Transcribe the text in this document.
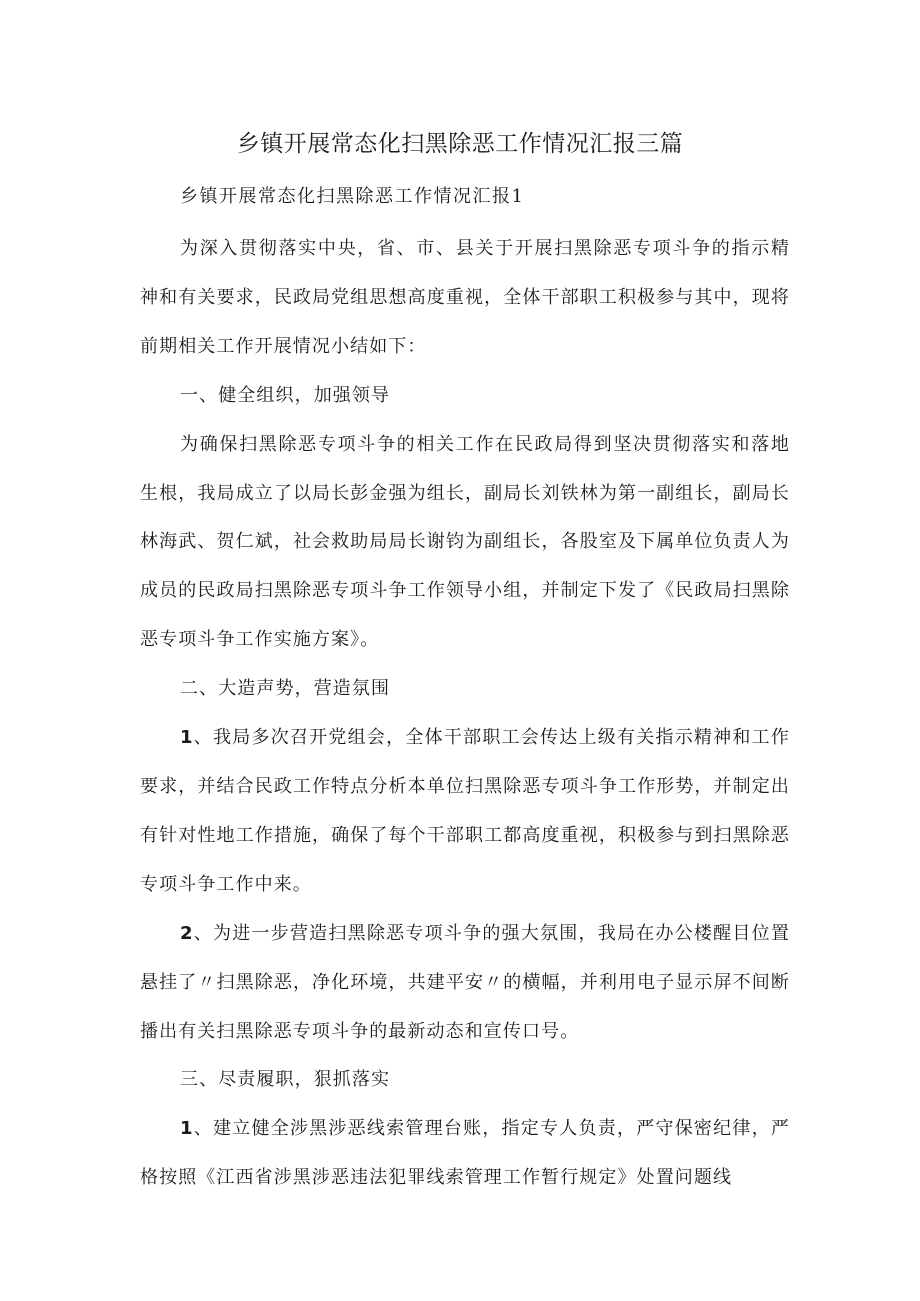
乡镇开展常态化扫黑除恶工作情况汇报三篇
乡镇开展常态化扫黑除恶工作情况汇报1

为深入贯彻落实中央，省、市、县关于开展扫黑除恶专项斗争的指示精神和有关要求，民政局党组思想高度重视，全体干部职工积极参与其中，现将前期相关工作开展情况小结如下：

一、健全组织，加强领导

为确保扫黑除恶专项斗争的相关工作在民政局得到坚决贯彻落实和落地生根，我局成立了以局长彭金强为组长，副局长刘铁林为第一副组长，副局长林海武、贺仁斌，社会救助局局长谢钧为副组长，各股室及下属单位负责人为成员的民政局扫黑除恶专项斗争工作领导小组，并制定下发了《民政局扫黑除恶专项斗争工作实施方案》。

二、大造声势，营造氛围

1、我局多次召开党组会，全体干部职工会传达上级有关指示精神和工作要求，并结合民政工作特点分析本单位扫黑除恶专项斗争工作形势，并制定出有针对性地工作措施，确保了每个干部职工都高度重视，积极参与到扫黑除恶专项斗争工作中来。

2、为进一步营造扫黑除恶专项斗争的强大氛围，我局在办公楼醒目位置悬挂了〃扫黑除恶，净化环境，共建平安〃的横幅，并利用电子显示屏不间断播出有关扫黑除恶专项斗争的最新动态和宣传口号。

三、尽责履职，狠抓落实

1、建立健全涉黑涉恶线索管理台账，指定专人负责，严守保密纪律，严格按照《江西省涉黑涉恶违法犯罪线索管理工作暂行规定》处置问题线
